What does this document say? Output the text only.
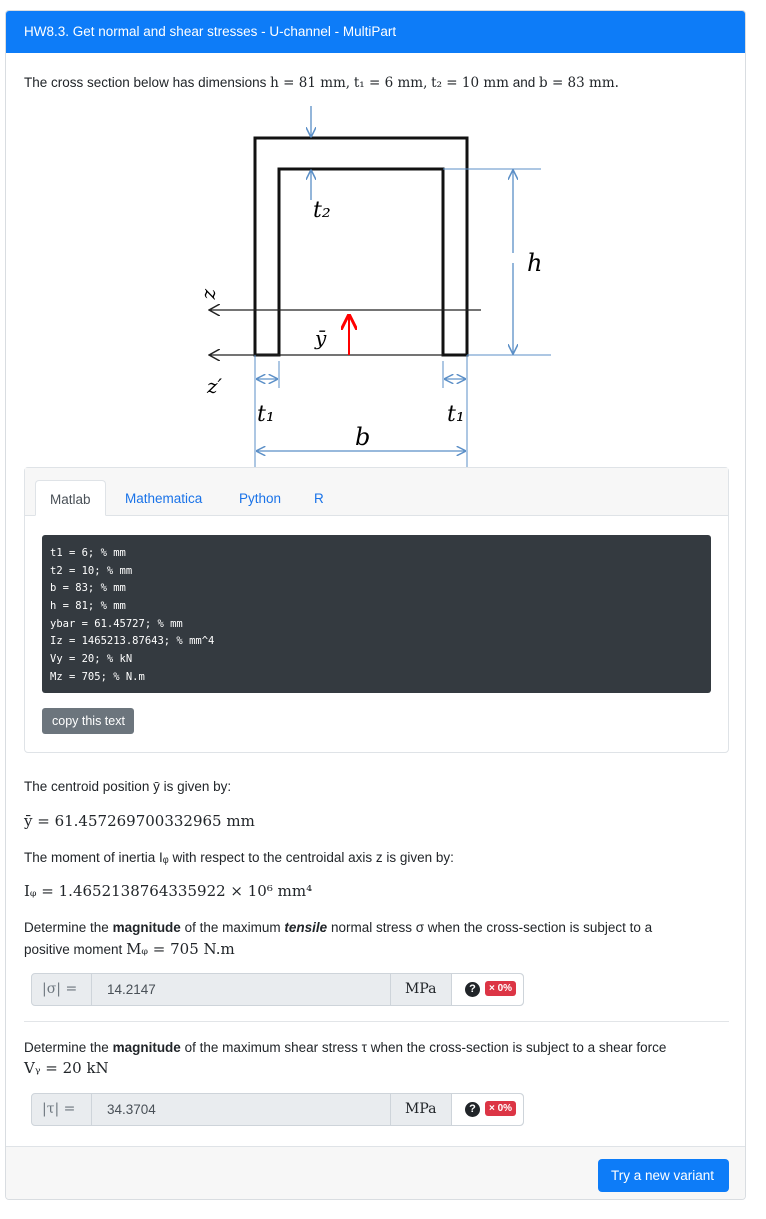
HW8.3. Get normal and shear stresses - U-channel - MultiPart
The cross section below has dimensions h = 81 mm, t₁ = 6 mm, t₂ = 10 mm and b = 83 mm.
t₂
h
z
z′
ȳ
t₁	t₁
b
Matlab	Mathematica	Python	R
t1 = 6; % mm
t2 = 10; % mm
b = 83; % mm
h = 81; % mm
ybar = 61.45727; % mm
Iz = 1465213.87643; % mm^4
Vy = 20; % kN
Mz = 705; % N.m
copy this text
The centroid position ȳ is given by:
ȳ = 61.457269700332965 mm
The moment of inertia Iᵩ with respect to the centroidal axis z is given by:
Iᵩ = 1.4652138764335922 × 10⁶ mm⁴
Determine the magnitude of the maximum tensile normal stress σ when the cross-section is subject to a
positive moment Mᵩ = 705 N.m
|σ| =	14.2147	MPa	?	× 0%
Determine the magnitude of the maximum shear stress τ when the cross-section is subject to a shear force
Vᵧ = 20 kN
|τ| =	34.3704	MPa	?	× 0%
Try a new variant
